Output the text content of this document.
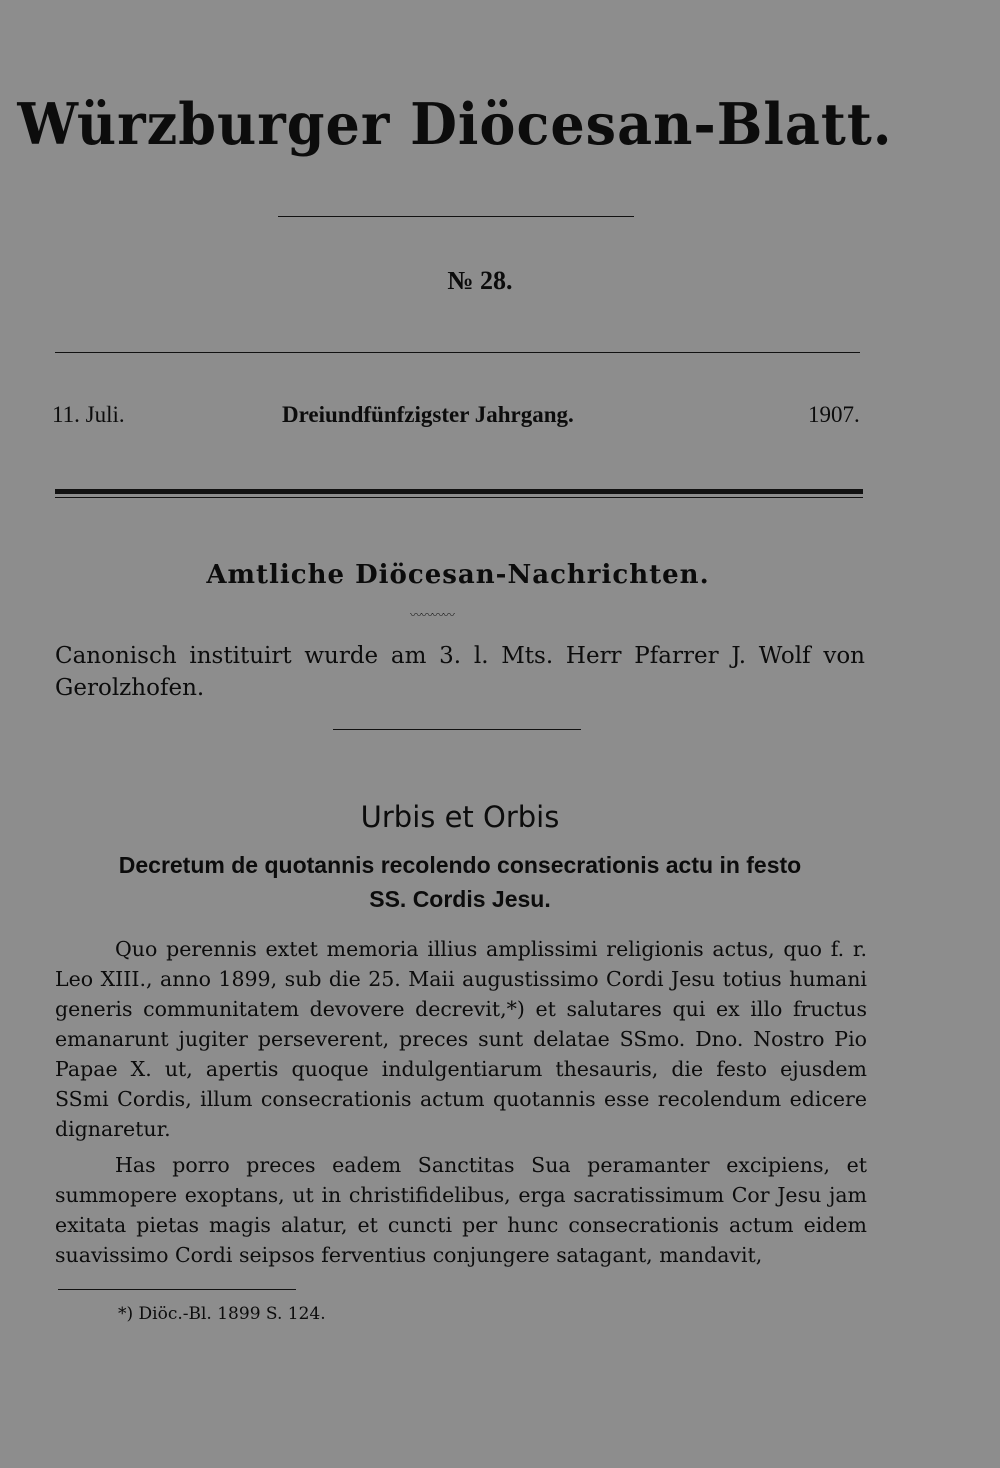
Würzburger Diöcesan-Blatt.
№ 28.
11. Juli.	Dreiundfünfzigster Jahrgang.	1907.
Amtliche Diöcesan-Nachrichten.
〰〰〰〰
Canonisch instituirt wurde am 3. l. Mts. Herr Pfarrer J. Wolf von Gerolzhofen.
Urbis et Orbis
Decretum de quotannis recolendo consecrationis actu in festo SS. Cordis Jesu.

Quo perennis extet memoria illius amplissimi religionis actus, quo f. r. Leo XIII., anno 1899, sub die 25. Maii augustissimo Cordi Jesu totius humani generis communitatem devovere decrevit,*) et salutares qui ex illo fructus emanarunt jugiter perseverent, preces sunt delatae SSmo. Dno. Nostro Pio Papae X. ut, apertis quoque indulgentiarum thesauris, die festo ejusdem SSmi Cordis, illum consecrationis actum quotannis esse recolendum edicere dignaretur.

Has porro preces eadem Sanctitas Sua peramanter excipiens, et summopere exoptans, ut in christifidelibus, erga sacratissimum Cor Jesu jam exitata pietas magis alatur, et cuncti per hunc consecrationis actum eidem suavissimo Cordi seipsos ferventius conjungere satagant, mandavit,

*) Diöc.-Bl. 1899 S. 124.
